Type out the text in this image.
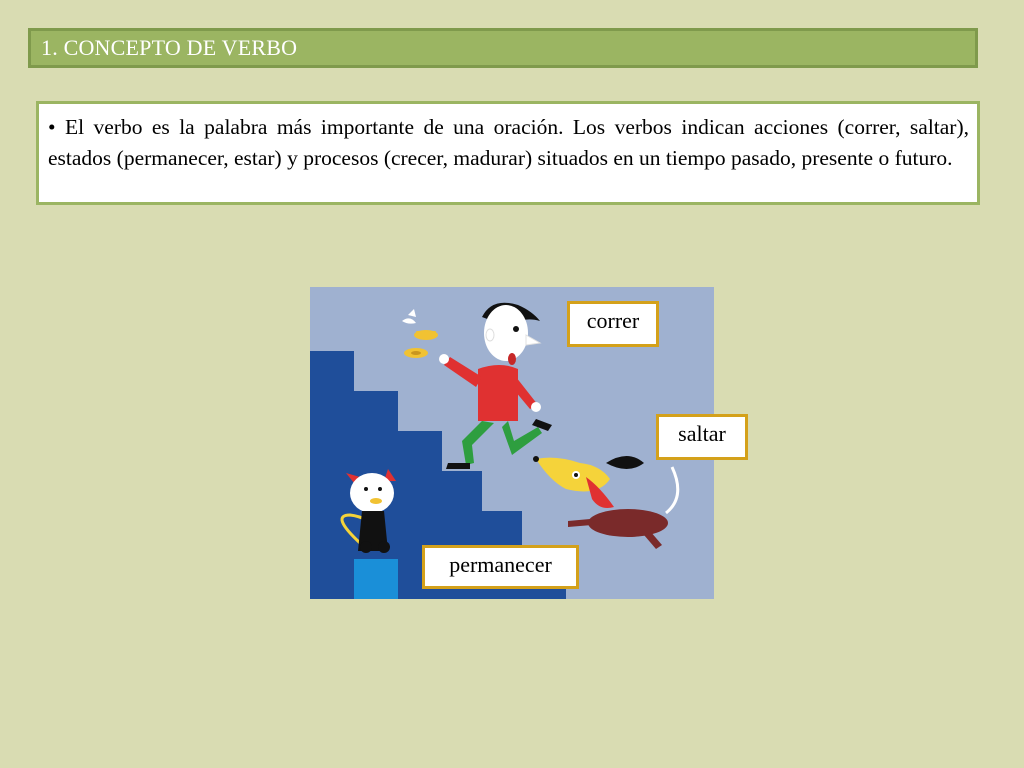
1. CONCEPTO DE VERBO
• El verbo es la palabra más importante de una oración. Los verbos indican acciones (correr, saltar), estados (permanecer, estar) y procesos (crecer, madurar) situados en un tiempo pasado, presente o futuro.
correr
saltar
permanecer
